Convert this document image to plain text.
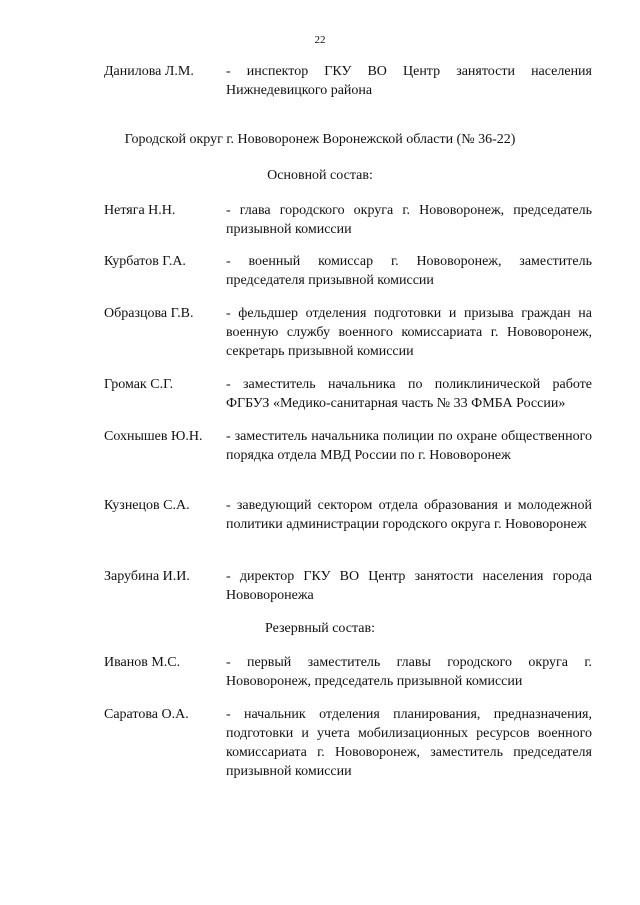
22
Данилова Л.М.	- инспектор ГКУ ВО Центр занятости населения Нижнедевицкого района
Городской округ г. Нововоронеж Воронежской области (№ 36-22)
Основной состав:
Нетяга Н.Н.	- глава городского округа г. Нововоронеж, председатель призывной комиссии
Курбатов Г.А.	- военный комиссар г. Нововоронеж, заместитель председателя призывной комиссии
Образцова Г.В.	- фельдшер отделения подготовки и призыва граждан на военную службу военного комиссариата г. Нововоронеж, секретарь призывной комиссии
Громак С.Г.	- заместитель начальника по поликлинической работе ФГБУЗ «Медико-санитарная часть № 33 ФМБА России»
Сохнышев Ю.Н.	- заместитель начальника полиции по охране общественного порядка отдела МВД России по г. Нововоронеж
Кузнецов С.А.	- заведующий сектором отдела образования и молодежной политики администрации городского округа г. Нововоронеж
Зарубина И.И.	- директор ГКУ ВО Центр занятости населения города Нововоронежа
Резервный состав:
Иванов М.С.	- первый заместитель главы городского округа г. Нововоронеж, председатель призывной комиссии
Саратова О.А.	- начальник отделения планирования, предназначения, подготовки и учета мобилизационных ресурсов военного комиссариата г. Нововоронеж, заместитель председателя призывной комиссии
